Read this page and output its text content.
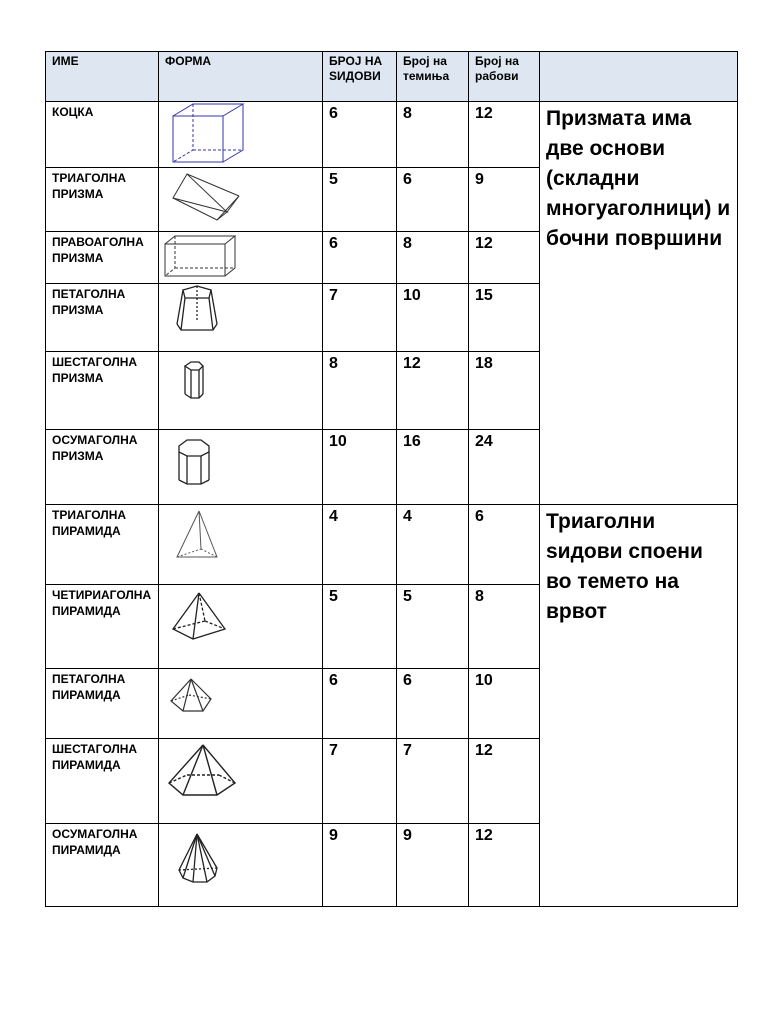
ИМЕ	ФОРМА	БРОЈ НА ЅИДОВИ	Број на темиња	Број на рабови	
КОЦКА		6	8	12	Призмата има две основи (складни многуаголници) и бочни површини
ТРИАГОЛНА ПРИЗМА		5	6	9	
ПРАВОАГОЛНА ПРИЗМА		6	8	12	
ПЕТАГОЛНА ПРИЗМА		7	10	15	
ШЕСТАГОЛНА ПРИЗМА		8	12	18	
ОСУМАГОЛНА ПРИЗМА		10	16	24	
ТРИАГОЛНА ПИРАМИДА		4	4	6	Триаголни ѕидови споени во темето на врвот
ЧЕТИРИАГОЛНА ПИРАМИДА		5	5	8	
ПЕТАГОЛНА ПИРАМИДА		6	6	10	
ШЕСТАГОЛНА ПИРАМИДА		7	7	12	
ОСУМАГОЛНА ПИРАМИДА		9	9	12	
